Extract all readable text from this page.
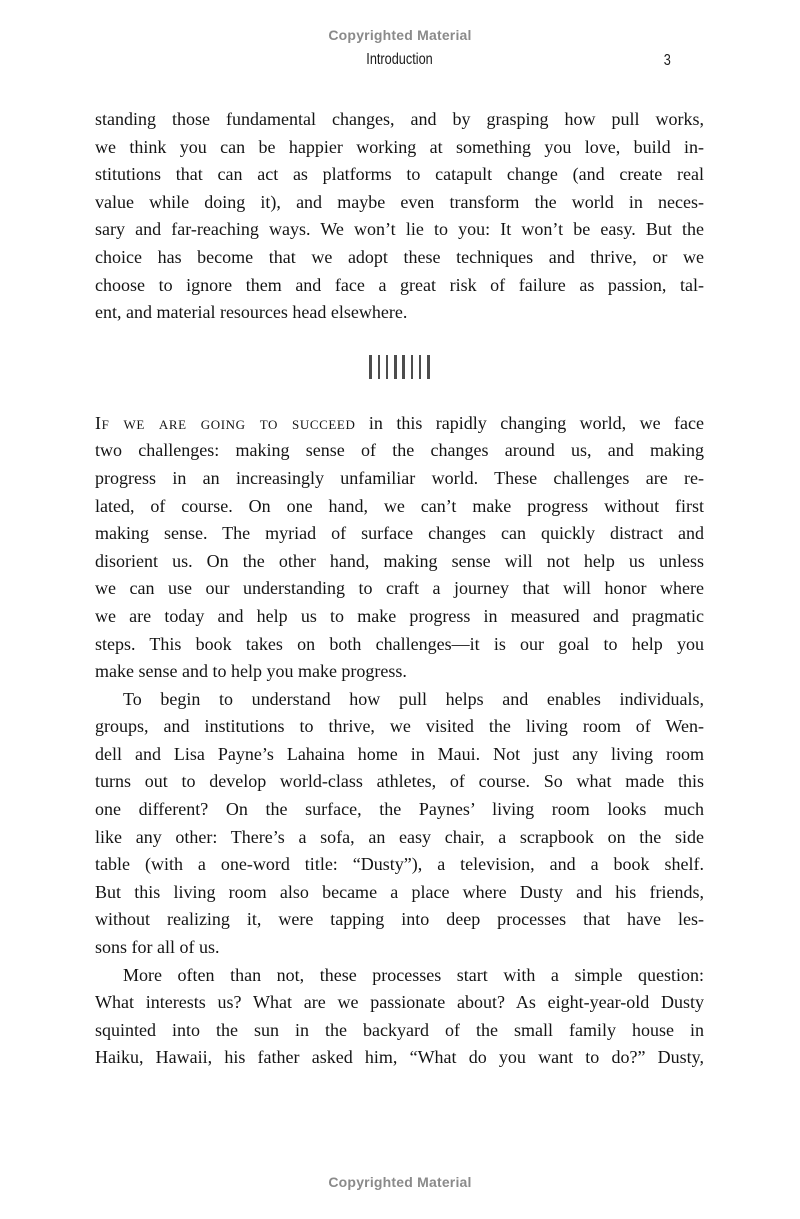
Copyrighted Material
Introduction	3
standing those fundamental changes, and by grasping how pull works,
we think you can be happier working at something you love, build in-
stitutions that can act as platforms to catapult change (and create real
value while doing it), and maybe even transform the world in neces-
sary and far-reaching ways. We won’t lie to you: It won’t be easy. But the
choice has become that we adopt these techniques and thrive, or we
choose to ignore them and face a great risk of failure as passion, tal-
ent, and material resources head elsewhere.
If we are going to succeed in this rapidly changing world, we face
two challenges: making sense of the changes around us, and making
progress in an increasingly unfamiliar world. These challenges are re-
lated, of course. On one hand, we can’t make progress without first
making sense. The myriad of surface changes can quickly distract and
disorient us. On the other hand, making sense will not help us unless
we can use our understanding to craft a journey that will honor where
we are today and help us to make progress in measured and pragmatic
steps. This book takes on both challenges—it is our goal to help you
make sense and to help you make progress.
To begin to understand how pull helps and enables individuals,
groups, and institutions to thrive, we visited the living room of Wen-
dell and Lisa Payne’s Lahaina home in Maui. Not just any living room
turns out to develop world-class athletes, of course. So what made this
one different? On the surface, the Paynes’ living room looks much
like any other: There’s a sofa, an easy chair, a scrapbook on the side
table (with a one-word title: “Dusty”), a television, and a book shelf.
But this living room also became a place where Dusty and his friends,
without realizing it, were tapping into deep processes that have les-
sons for all of us.
More often than not, these processes start with a simple question:
What interests us? What are we passionate about? As eight-year-old Dusty
squinted into the sun in the backyard of the small family house in
Haiku, Hawaii, his father asked him, “What do you want to do?” Dusty,
Copyrighted Material
